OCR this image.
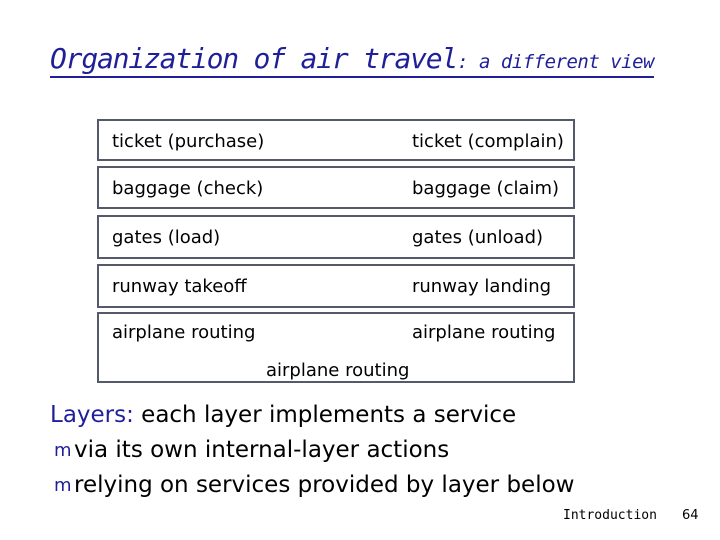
Organization of air travel: a different view
ticket (purchase)	ticket (complain)
baggage (check)	baggage (claim)
gates (load)	gates (unload)
runway takeoff	runway landing
airplane routing	airplane routing
airplane routing
Layers: each layer implements a service
m via its own internal-layer actions
m relying on services provided by layer below
Introduction 64
